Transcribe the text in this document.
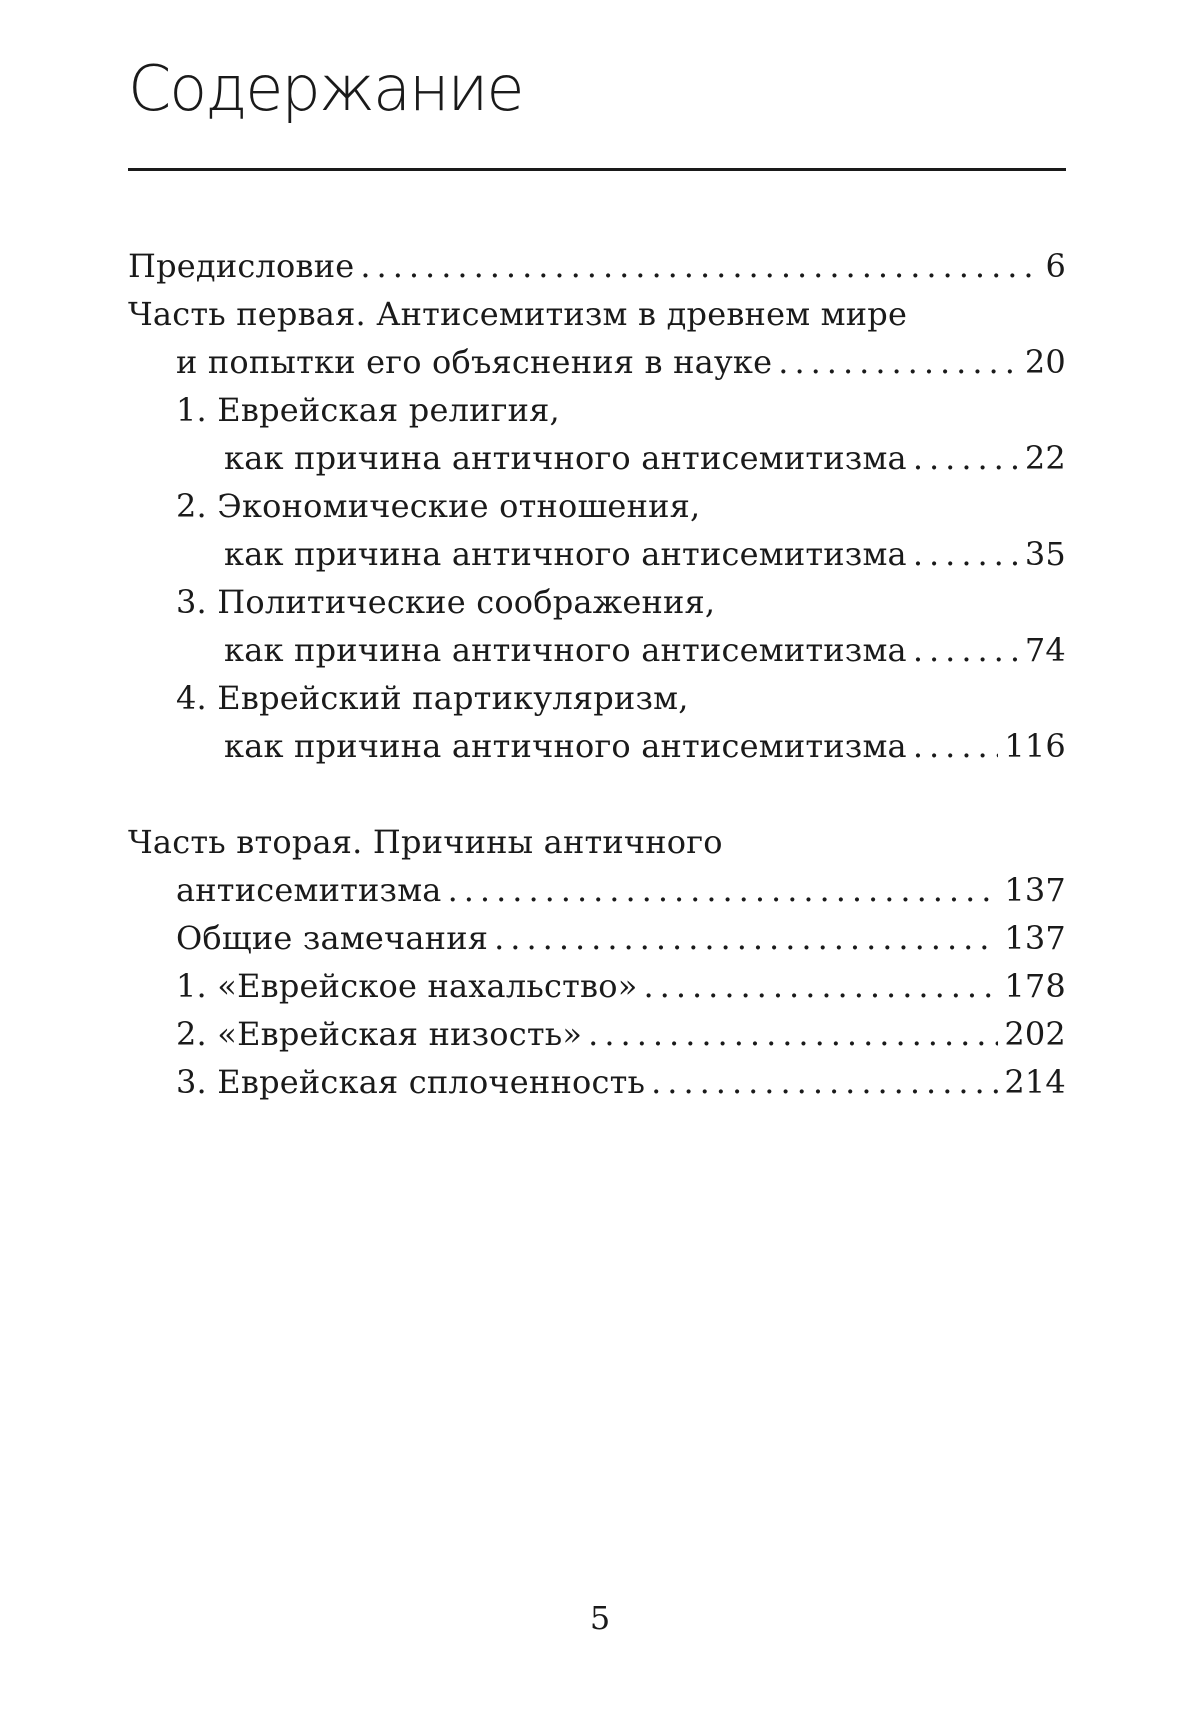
Содержание
Предисловие .....	6
Часть первая. Антисемитизм в древнем мире
и попытки его объяснения в науке .....	20
1. Еврейская религия,
как причина античного антисемитизма .....	22
2. Экономические отношения,
как причина античного антисемитизма .....	35
3. Политические соображения,
как причина античного антисемитизма .....	74
4. Еврейский партикуляризм,
как причина античного антисемитизма .....	116
Часть вторая. Причины античного
антисемитизма .....	137
Общие замечания .....	137
1. «Еврейское нахальство» .....	178
2. «Еврейская низость» .....	202
3. Еврейская сплоченность .....	214
5
